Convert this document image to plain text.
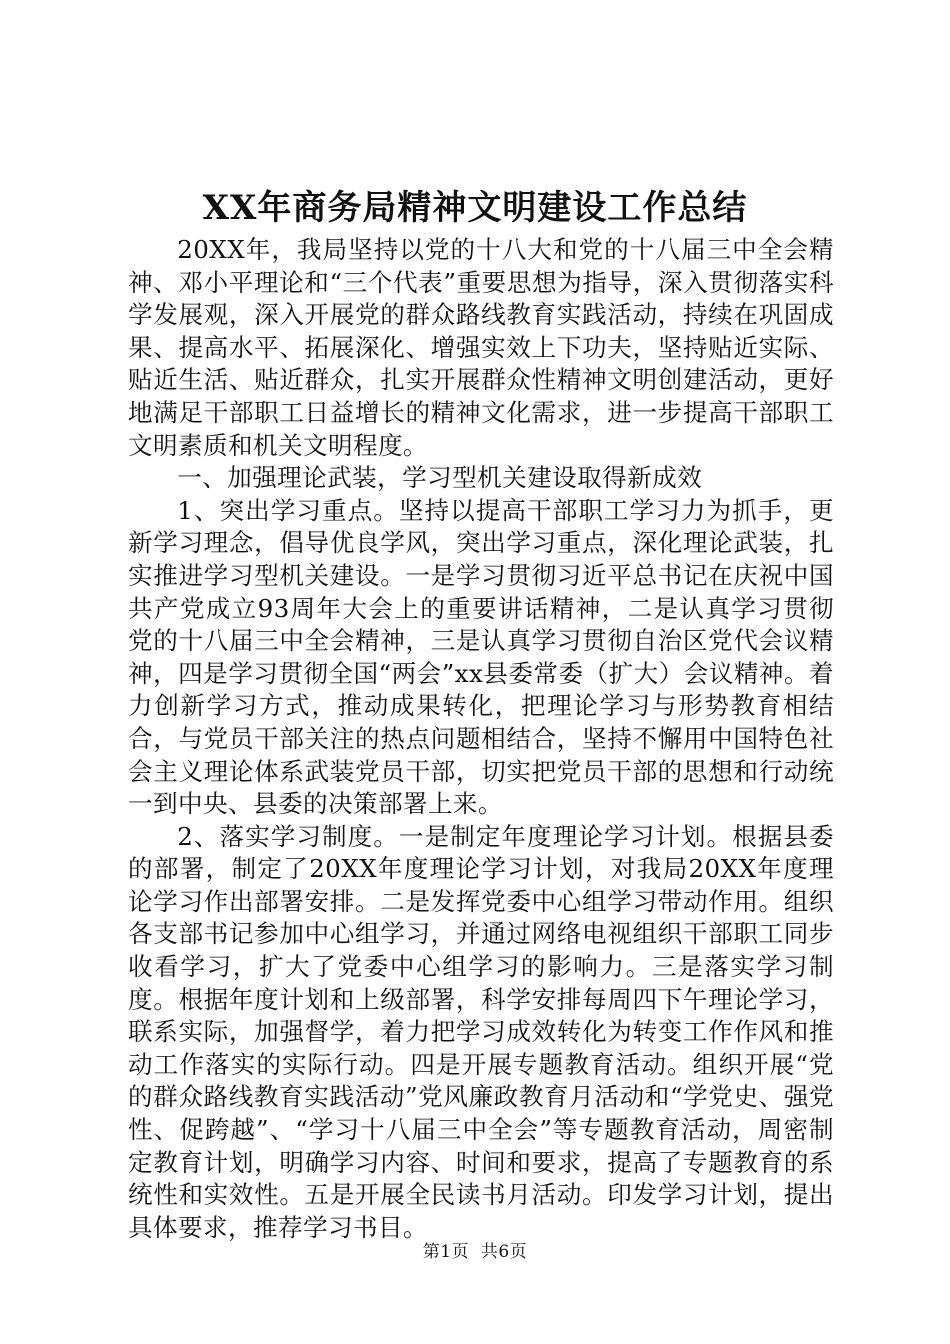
XX年商务局精神文明建设工作总结

20XX年，我局坚持以党的十八大和党的十八届三中全会精神、邓小平理论和“三个代表”重要思想为指导，深入贯彻落实科学发展观，深入开展党的群众路线教育实践活动，持续在巩固成果、提高水平、拓展深化、增强实效上下功夫，坚持贴近实际、贴近生活、贴近群众，扎实开展群众性精神文明创建活动，更好地满足干部职工日益增长的精神文化需求，进一步提高干部职工文明素质和机关文明程度。

一、加强理论武装，学习型机关建设取得新成效

1、突出学习重点。坚持以提高干部职工学习力为抓手，更新学习理念，倡导优良学风，突出学习重点，深化理论武装，扎实推进学习型机关建设。一是学习贯彻习近平总书记在庆祝中国共产党成立93周年大会上的重要讲话精神，二是认真学习贯彻党的十八届三中全会精神，三是认真学习贯彻自治区党代会议精神，四是学习贯彻全国“两会”xx县委常委（扩大）会议精神。着力创新学习方式，推动成果转化，把理论学习与形势教育相结合，与党员干部关注的热点问题相结合，坚持不懈用中国特色社会主义理论体系武装党员干部，切实把党员干部的思想和行动统一到中央、县委的决策部署上来。

2、落实学习制度。一是制定年度理论学习计划。根据县委的部署，制定了20XX年度理论学习计划，对我局20XX年度理论学习作出部署安排。二是发挥党委中心组学习带动作用。组织各支部书记参加中心组学习，并通过网络电视组织干部职工同步收看学习，扩大了党委中心组学习的影响力。三是落实学习制度。根据年度计划和上级部署，科学安排每周四下午理论学习，联系实际，加强督学，着力把学习成效转化为转变工作作风和推动工作落实的实际行动。四是开展专题教育活动。组织开展“党的群众路线教育实践活动”党风廉政教育月活动和“学党史、强党性、促跨越”、“学习十八届三中全会”等专题教育活动，周密制定教育计划，明确学习内容、时间和要求，提高了专题教育的系统性和实效性。五是开展全民读书月活动。印发学习计划，提出具体要求，推荐学习书目。

第1页  共6页
